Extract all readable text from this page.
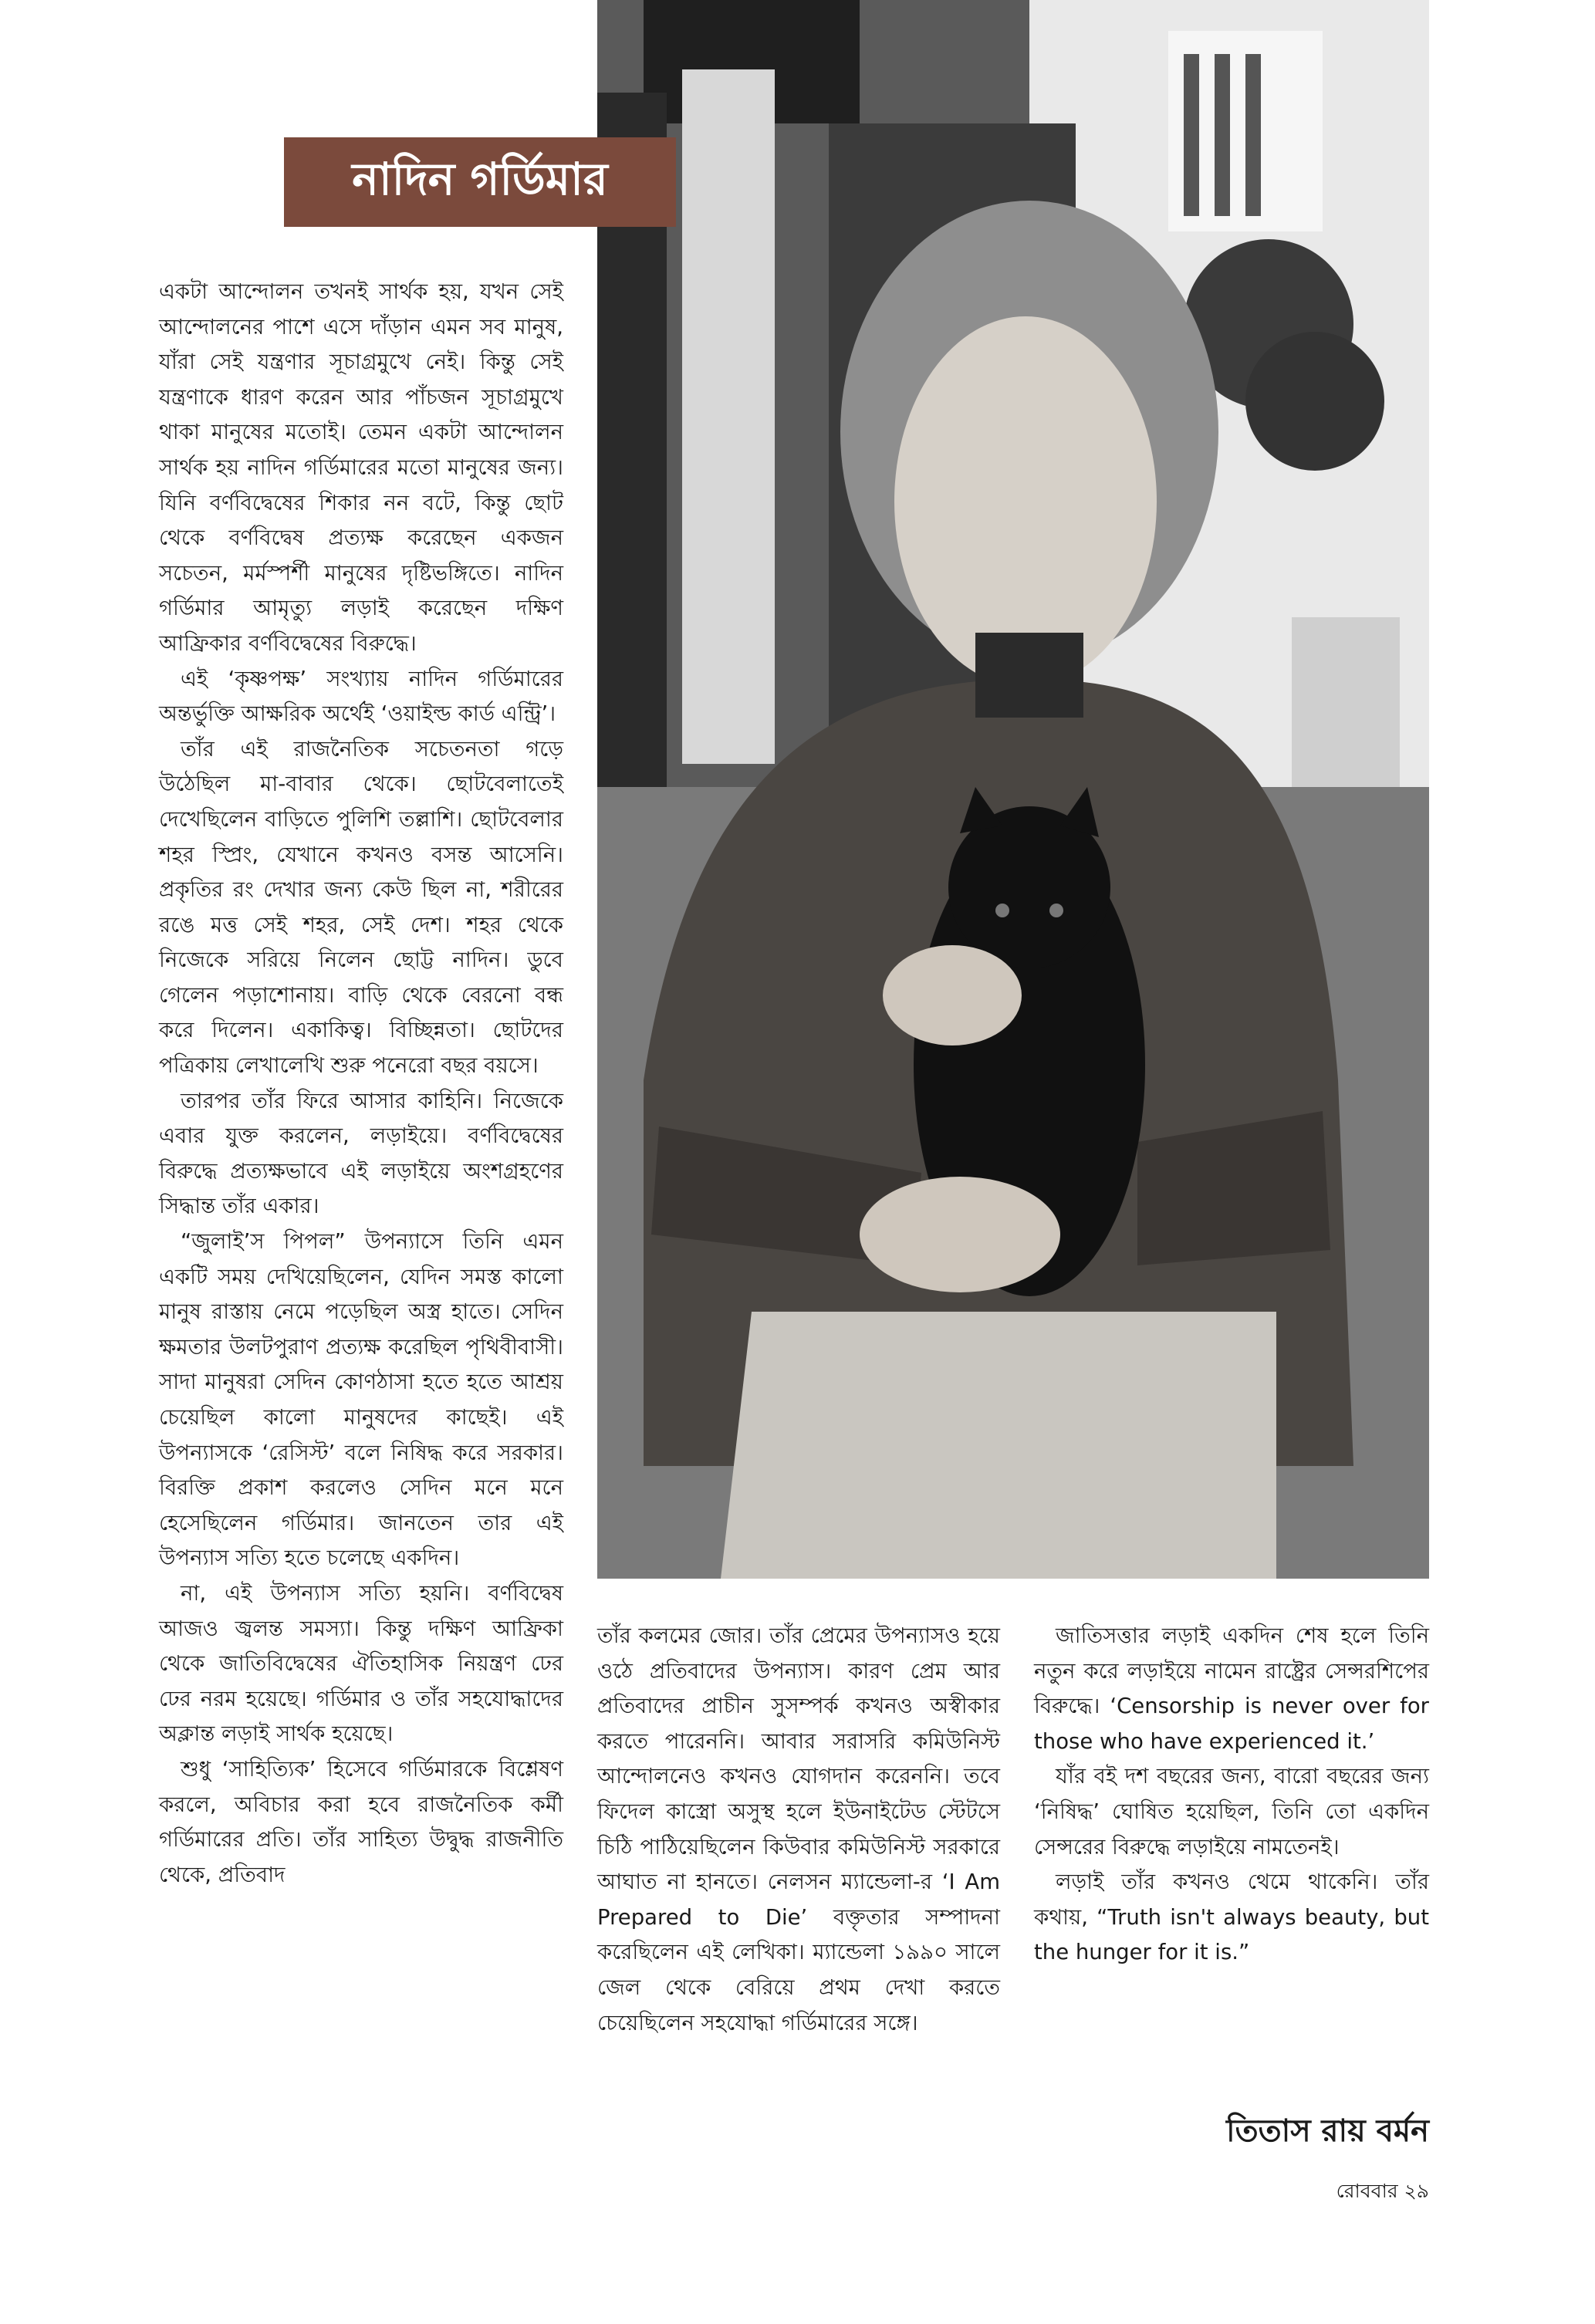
নাদিন গর্ডিমার

একটা আন্দোলন তখনই সার্থক হয়, যখন সেই আন্দোলনের পাশে এসে দাঁড়ান এমন সব মানুষ, যাঁরা সেই যন্ত্রণার সূচাগ্রমুখে নেই। কিন্তু সেই যন্ত্রণাকে ধারণ করেন আর পাঁচজন সূচাগ্রমুখে থাকা মানুষের মতোই। তেমন একটা আন্দোলন সার্থক হয় নাদিন গর্ডিমারের মতো মানুষের জন্য। যিনি বর্ণবিদ্বেষের শিকার নন বটে, কিন্তু ছোট থেকে বর্ণবিদ্বেষ প্রত্যক্ষ করেছেন একজন সচেতন, মর্মস্পর্শী মানুষের দৃষ্টিভঙ্গিতে। নাদিন গর্ডিমার আমৃত্যু লড়াই করেছেন দক্ষিণ আফ্রিকার বর্ণবিদ্বেষের বিরুদ্ধে।

এই ‘কৃষ্ণপক্ষ’ সংখ্যায় নাদিন গর্ডিমারের অন্তর্ভুক্তি আক্ষরিক অর্থেই ‘ওয়াইল্ড কার্ড এন্ট্রি’।

তাঁর এই রাজনৈতিক সচেতনতা গড়ে উঠেছিল মা-বাবার থেকে। ছোটবেলাতেই দেখেছিলেন বাড়িতে পুলিশি তল্লাশি। ছোটবেলার শহর স্প্রিং, যেখানে কখনও বসন্ত আসেনি। প্রকৃতির রং দেখার জন্য কেউ ছিল না, শরীরের রঙে মত্ত সেই শহর, সেই দেশ। শহর থেকে নিজেকে সরিয়ে নিলেন ছোট্ট নাদিন। ডুবে গেলেন পড়াশোনায়। বাড়ি থেকে বেরনো বন্ধ করে দিলেন। একাকিত্ব। বিচ্ছিন্নতা। ছোটদের পত্রিকায় লেখালেখি শুরু পনেরো বছর বয়সে।

তারপর তাঁর ফিরে আসার কাহিনি। নিজেকে এবার যুক্ত করলেন, লড়াইয়ে। বর্ণবিদ্বেষের বিরুদ্ধে প্রত্যক্ষভাবে এই লড়াইয়ে অংশগ্রহণের সিদ্ধান্ত তাঁর একার।

“জুলাই’স পিপল” উপন্যাসে তিনি এমন একটি সময় দেখিয়েছিলেন, যেদিন সমস্ত কালো মানুষ রাস্তায় নেমে পড়েছিল অস্ত্র হাতে। সেদিন ক্ষমতার উলটপুরাণ প্রত্যক্ষ করেছিল পৃথিবীবাসী। সাদা মানুষরা সেদিন কোণঠাসা হতে হতে আশ্রয় চেয়েছিল কালো মানুষদের কাছেই। এই উপন্যাসকে ‘রেসিস্ট’ বলে নিষিদ্ধ করে সরকার। বিরক্তি প্রকাশ করলেও সেদিন মনে মনে হেসেছিলেন গর্ডিমার। জানতেন তার এই উপন্যাস সত্যি হতে চলেছে একদিন।

না, এই উপন্যাস সত্যি হয়নি। বর্ণবিদ্বেষ আজও জ্বলন্ত সমস্যা। কিন্তু দক্ষিণ আফ্রিকা থেকে জাতিবিদ্বেষের ঐতিহাসিক নিয়ন্ত্রণ ঢের ঢের নরম হয়েছে। গর্ডিমার ও তাঁর সহযোদ্ধাদের অক্লান্ত লড়াই সার্থক হয়েছে।

শুধু ‘সাহিত্যিক’ হিসেবে গর্ডিমারকে বিশ্লেষণ করলে, অবিচার করা হবে রাজনৈতিক কর্মী গর্ডিমারের প্রতি। তাঁর সাহিত্য উদ্বুদ্ধ রাজনীতি থেকে, প্রতিবাদ

তাঁর কলমের জোর। তাঁর প্রেমের উপন্যাসও হয়ে ওঠে প্রতিবাদের উপন্যাস। কারণ প্রেম আর প্রতিবাদের প্রাচীন সুসম্পর্ক কখনও অস্বীকার করতে পারেননি। আবার সরাসরি কমিউনিস্ট আন্দোলনেও কখনও যোগদান করেননি। তবে ফিদেল কাস্ত্রো অসুস্থ হলে ইউনাইটেড স্টেটসে চিঠি পাঠিয়েছিলেন কিউবার কমিউনিস্ট সরকারে আঘাত না হানতে। নেলসন ম্যান্ডেলা-র ‘I Am Prepared to Die’ বক্তৃতার সম্পাদনা করেছিলেন এই লেখিকা। ম্যান্ডেলা ১৯৯০ সালে জেল থেকে বেরিয়ে প্রথম দেখা করতে চেয়েছিলেন সহযোদ্ধা গর্ডিমারের সঙ্গে।

জাতিসত্তার লড়াই একদিন শেষ হলে তিনি নতুন করে লড়াইয়ে নামেন রাষ্ট্রের সেন্সরশিপের বিরুদ্ধে। ‘Censorship is never over for those who have experienced it.’

যাঁর বই দশ বছরের জন্য, বারো বছরের জন্য ‘নিষিদ্ধ’ ঘোষিত হয়েছিল, তিনি তো একদিন সেন্সরের বিরুদ্ধে লড়াইয়ে নামতেনই।

লড়াই তাঁর কখনও থেমে থাকেনি। তাঁর কথায়, “Truth isn't always beauty, but the hunger for it is.”

তিতাস রায় বর্মন
রোববার ২৯
